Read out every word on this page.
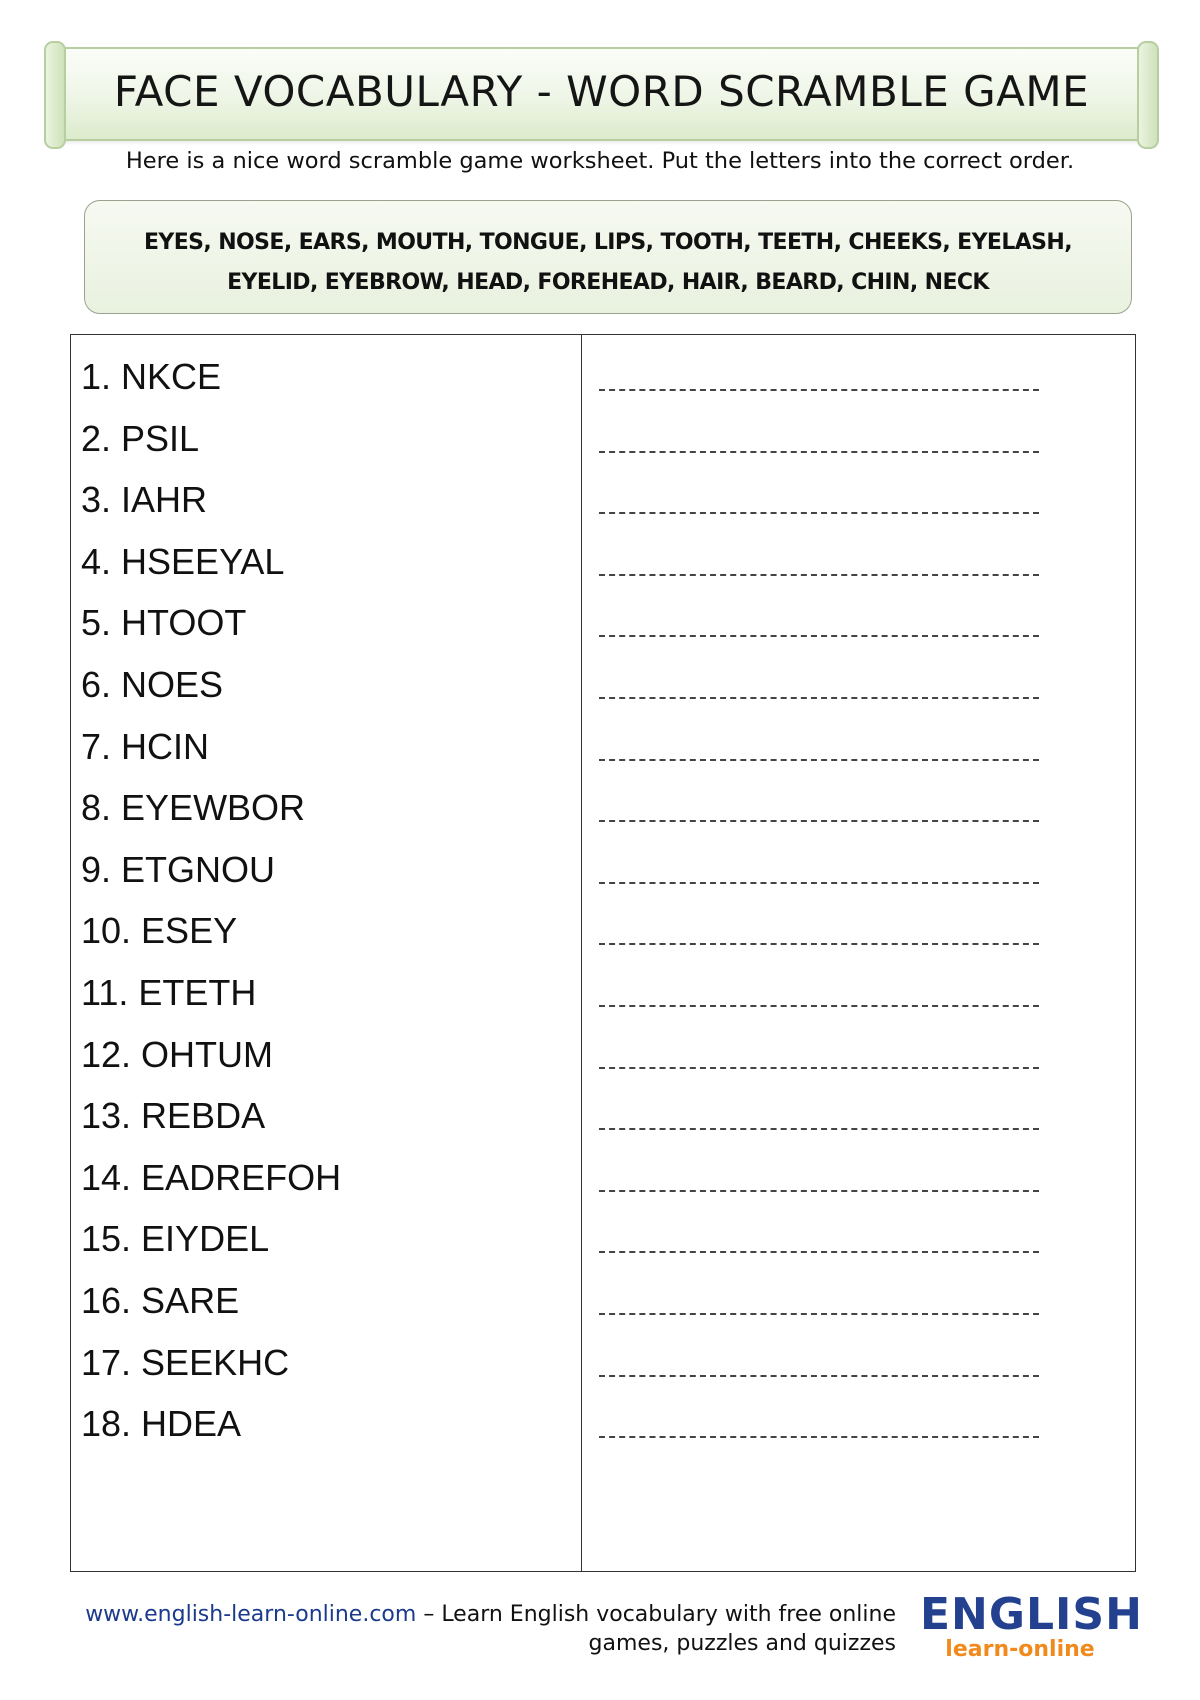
FACE VOCABULARY - WORD SCRAMBLE GAME
Here is a nice word scramble game worksheet. Put the letters into the correct order.
EYES, NOSE, EARS, MOUTH, TONGUE, LIPS, TOOTH, TEETH, CHEEKS, EYELASH,
EYELID, EYEBROW, HEAD, FOREHEAD, HAIR, BEARD, CHIN, NECK
1. NKCE
2. PSIL
3. IAHR
4. HSEEYAL
5. HTOOT
6. NOES
7. HCIN
8. EYEWBOR
9. ETGNOU
10. ESEY
11. ETETH
12. OHTUM
13. REBDA
14. EADREFOH
15. EIYDEL
16. SARE
17. SEEKHC
18. HDEA
www.english-learn-online.com – Learn English vocabulary with free online
games, puzzles and quizzes
ENGLISH
learn-online
